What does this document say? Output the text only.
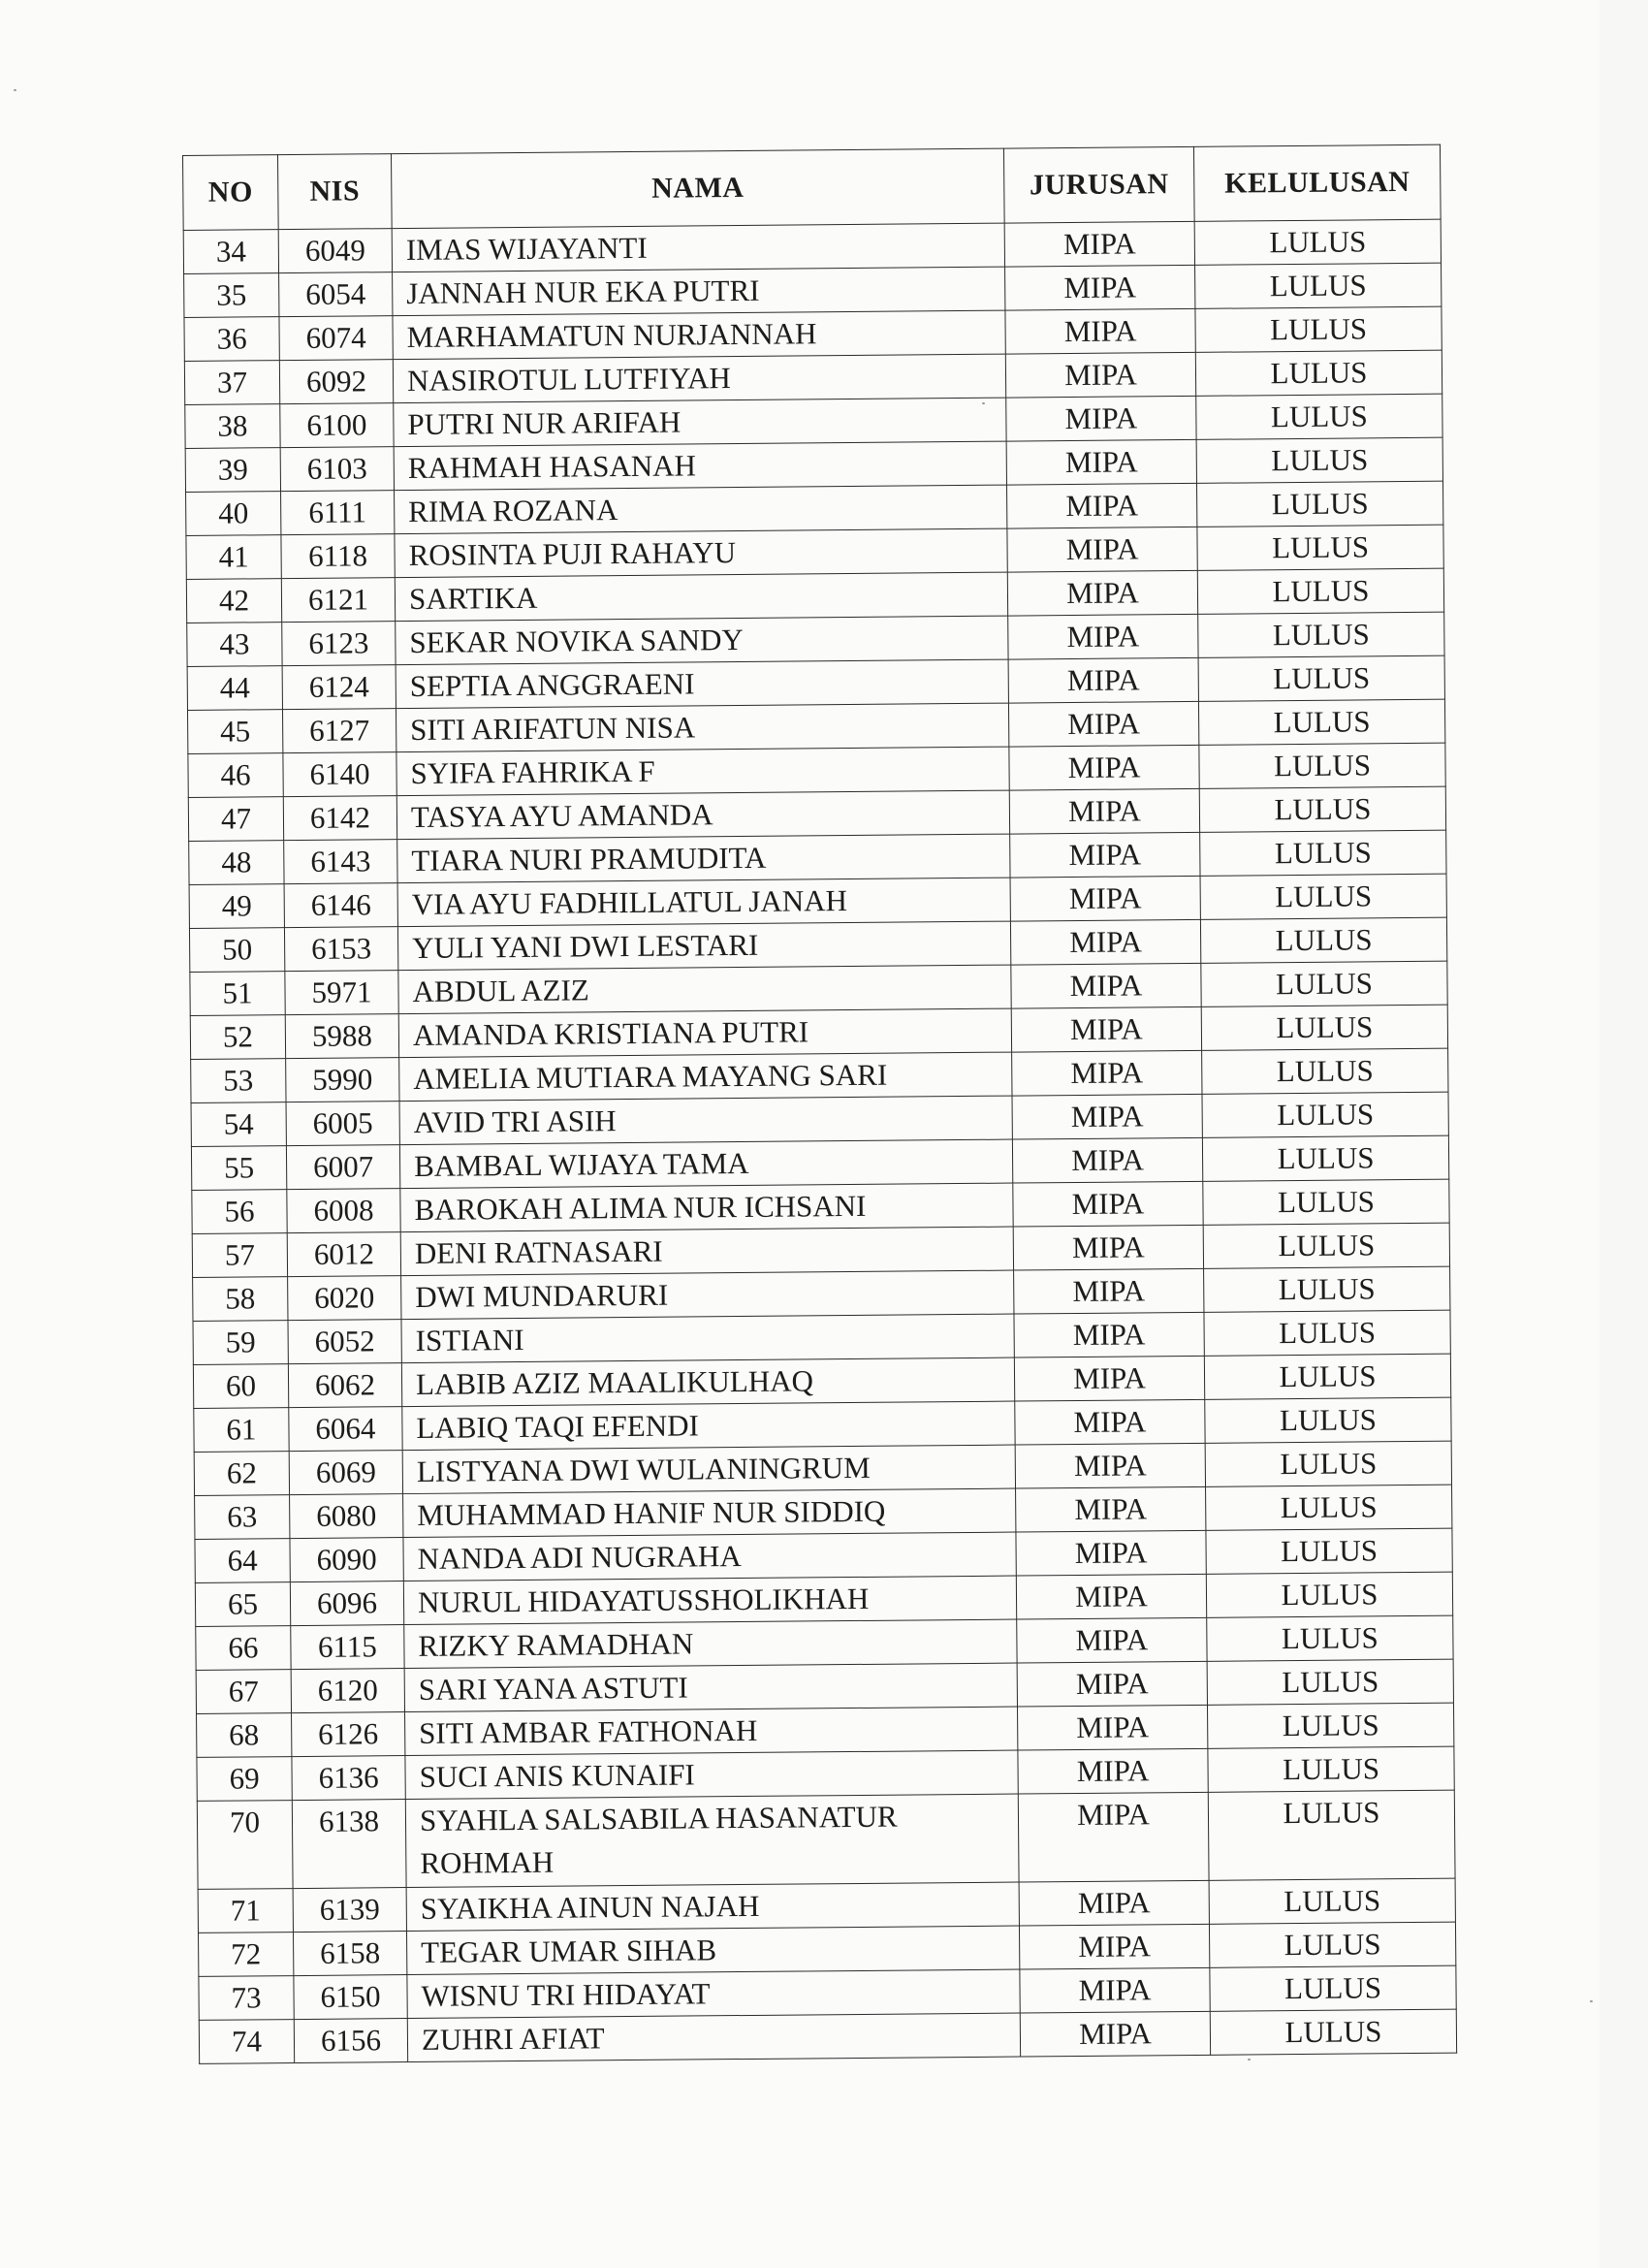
NO	NIS	NAMA	JURUSAN	KELULUSAN
34	6049	IMAS WIJAYANTI	MIPA	LULUS
35	6054	JANNAH NUR EKA PUTRI	MIPA	LULUS
36	6074	MARHAMATUN NURJANNAH	MIPA	LULUS
37	6092	NASIROTUL LUTFIYAH	MIPA	LULUS
38	6100	PUTRI NUR ARIFAH	MIPA	LULUS
39	6103	RAHMAH HASANAH	MIPA	LULUS
40	6111	RIMA ROZANA	MIPA	LULUS
41	6118	ROSINTA PUJI RAHAYU	MIPA	LULUS
42	6121	SARTIKA	MIPA	LULUS
43	6123	SEKAR NOVIKA SANDY	MIPA	LULUS
44	6124	SEPTIA ANGGRAENI	MIPA	LULUS
45	6127	SITI ARIFATUN NISA	MIPA	LULUS
46	6140	SYIFA FAHRIKA F	MIPA	LULUS
47	6142	TASYA AYU AMANDA	MIPA	LULUS
48	6143	TIARA NURI PRAMUDITA	MIPA	LULUS
49	6146	VIA AYU FADHILLATUL JANAH	MIPA	LULUS
50	6153	YULI YANI DWI LESTARI	MIPA	LULUS
51	5971	ABDUL AZIZ	MIPA	LULUS
52	5988	AMANDA KRISTIANA PUTRI	MIPA	LULUS
53	5990	AMELIA MUTIARA MAYANG SARI	MIPA	LULUS
54	6005	AVID TRI ASIH	MIPA	LULUS
55	6007	BAMBAL WIJAYA TAMA	MIPA	LULUS
56	6008	BAROKAH ALIMA NUR ICHSANI	MIPA	LULUS
57	6012	DENI RATNASARI	MIPA	LULUS
58	6020	DWI MUNDARURI	MIPA	LULUS
59	6052	ISTIANI	MIPA	LULUS
60	6062	LABIB AZIZ MAALIKULHAQ	MIPA	LULUS
61	6064	LABIQ TAQI EFENDI	MIPA	LULUS
62	6069	LISTYANA DWI WULANINGRUM	MIPA	LULUS
63	6080	MUHAMMAD HANIF NUR SIDDIQ	MIPA	LULUS
64	6090	NANDA ADI NUGRAHA	MIPA	LULUS
65	6096	NURUL HIDAYATUSSHOLIKHAH	MIPA	LULUS
66	6115	RIZKY RAMADHAN	MIPA	LULUS
67	6120	SARI YANA ASTUTI	MIPA	LULUS
68	6126	SITI AMBAR FATHONAH	MIPA	LULUS
69	6136	SUCI ANIS KUNAIFI	MIPA	LULUS
70	6138	SYAHLA SALSABILA HASANATUR ROHMAH	MIPA	LULUS
71	6139	SYAIKHA AINUN NAJAH	MIPA	LULUS
72	6158	TEGAR UMAR SIHAB	MIPA	LULUS
73	6150	WISNU TRI HIDAYAT	MIPA	LULUS
74	6156	ZUHRI AFIAT	MIPA	LULUS
